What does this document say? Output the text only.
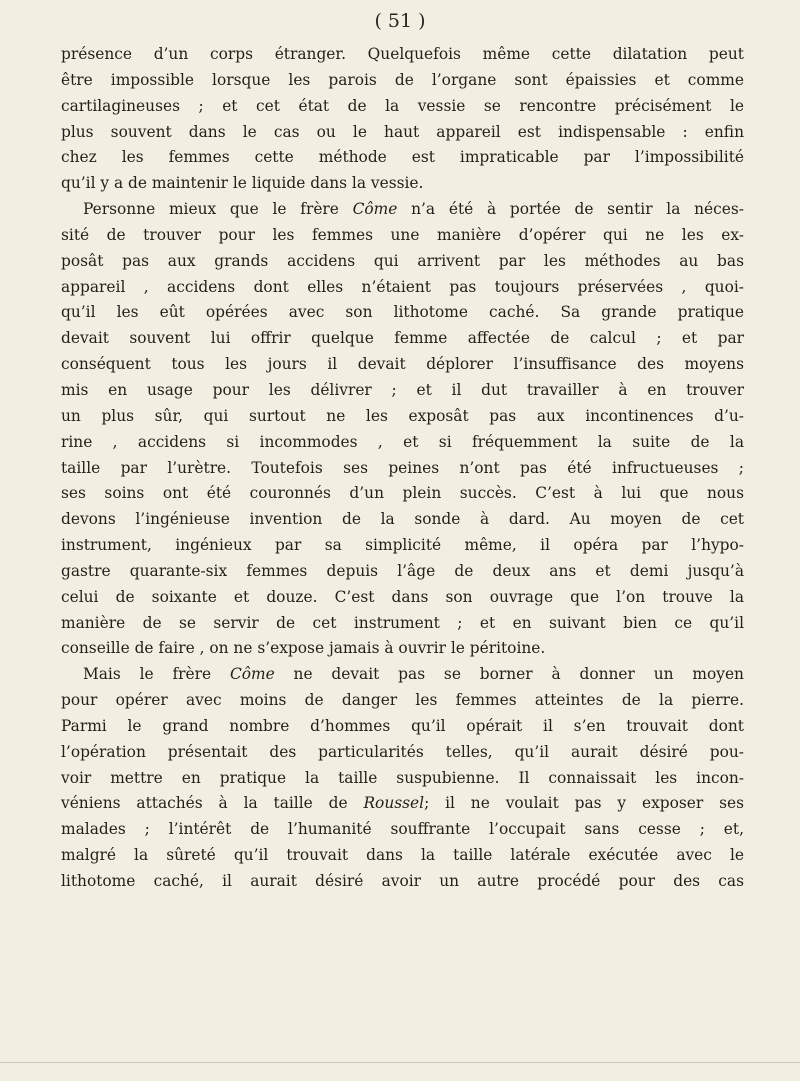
( 51 )

présence d’un corps étranger. Quelquefois même cette dilatation peut

être impossible lorsque les parois de l’organe sont épaissies et comme

cartilagineuses ; et cet état de la vessie se rencontre précisément le

plus souvent dans le cas ou le haut appareil est indispensable : enfin

chez les femmes cette méthode est impraticable par l’impossibilité

qu’il y a de maintenir le liquide dans la vessie.

Personne mieux que le frère Côme n’a été à portée de sentir la néces-

sité de trouver pour les femmes une manière d’opérer qui ne les ex-

posât pas aux grands accidens qui arrivent par les méthodes au bas

appareil , accidens dont elles n’étaient pas toujours préservées , quoi-

qu’il les eût opérées avec son lithotome caché. Sa grande pratique

devait souvent lui offrir quelque femme affectée de calcul ; et par

conséquent tous les jours il devait déplorer l’insuffisance des moyens

mis en usage pour les délivrer ; et il dut travailler à en trouver

un plus sûr, qui surtout ne les exposât pas aux incontinences d’u-

rine , accidens si incommodes , et si fréquemment la suite de la

taille par l’urètre. Toutefois ses peines n’ont pas été infructueuses ;

ses soins ont été couronnés d’un plein succès. C’est à lui que nous

devons l’ingénieuse invention de la sonde à dard. Au moyen de cet

instrument, ingénieux par sa simplicité même, il opéra par l’hypo-

gastre quarante-six femmes depuis l’âge de deux ans et demi jusqu’à

celui de soixante et douze. C’est dans son ouvrage que l’on trouve la

manière de se servir de cet instrument ; et en suivant bien ce qu’il

conseille de faire , on ne s’expose jamais à ouvrir le péritoine.

Mais le frère Côme ne devait pas se borner à donner un moyen

pour opérer avec moins de danger les femmes atteintes de la pierre.

Parmi le grand nombre d’hommes qu’il opérait il s’en trouvait dont

l’opération présentait des particularités telles, qu’il aurait désiré pou-

voir mettre en pratique la taille suspubienne. Il connaissait les incon-

véniens attachés à la taille de Roussel; il ne voulait pas y exposer ses

malades ; l’intérêt de l’humanité souffrante l’occupait sans cesse ; et,

malgré la sûreté qu’il trouvait dans la taille latérale exécutée avec le

lithotome caché, il aurait désiré avoir un autre procédé pour des cas
